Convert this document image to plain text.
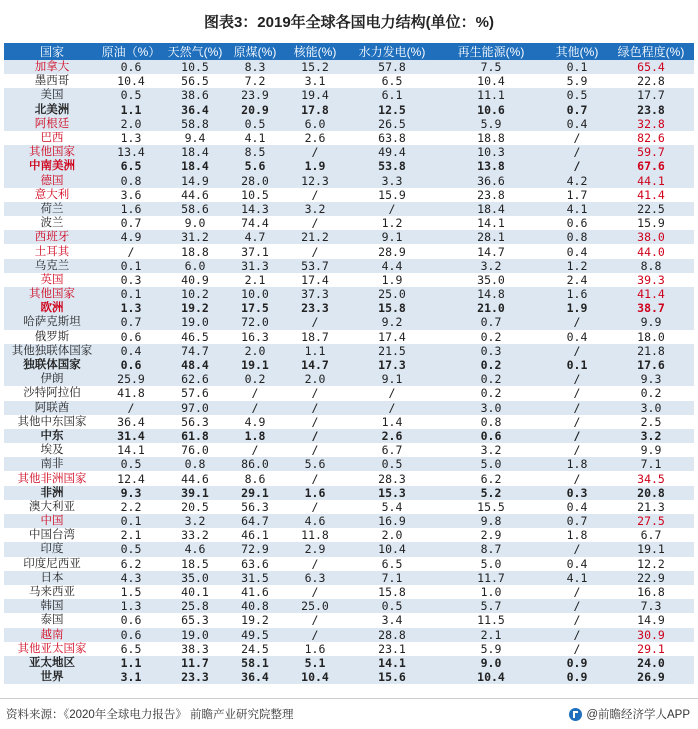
图表3：2019年全球各国电力结构(单位：%)
国家	原油（%）	天然气(%)	原煤(%)	核能(%)	水力发电(%)	再生能源(%)	其他(%)	绿色程度(%)
加拿大	0.6	10.5	8.3	15.2	57.8	7.5	0.1	65.4
墨西哥	10.4	56.5	7.2	3.1	6.5	10.4	5.9	22.8
美国	0.5	38.6	23.9	19.4	6.1	11.1	0.5	17.7
北美洲	1.1	36.4	20.9	17.8	12.5	10.6	0.7	23.8
阿根廷	2.0	58.8	0.5	6.0	26.5	5.9	0.4	32.8
巴西	1.3	9.4	4.1	2.6	63.8	18.8	/	82.6
其他国家	13.4	18.4	8.5	/	49.4	10.3	/	59.7
中南美洲	6.5	18.4	5.6	1.9	53.8	13.8	/	67.6
德国	0.8	14.9	28.0	12.3	3.3	36.6	4.2	44.1
意大利	3.6	44.6	10.5	/	15.9	23.8	1.7	41.4
荷兰	1.6	58.6	14.3	3.2	/	18.4	4.1	22.5
波兰	0.7	9.0	74.4	/	1.2	14.1	0.6	15.9
西班牙	4.9	31.2	4.7	21.2	9.1	28.1	0.8	38.0
土耳其	/	18.8	37.1	/	28.9	14.7	0.4	44.0
乌克兰	0.1	6.0	31.3	53.7	4.4	3.2	1.2	8.8
英国	0.3	40.9	2.1	17.4	1.9	35.0	2.4	39.3
其他国家	0.1	10.2	10.0	37.3	25.0	14.8	1.6	41.4
欧洲	1.3	19.2	17.5	23.3	15.8	21.0	1.9	38.7
哈萨克斯坦	0.7	19.0	72.0	/	9.2	0.7	/	9.9
俄罗斯	0.6	46.5	16.3	18.7	17.4	0.2	0.4	18.0
其他独联体国家	0.4	74.7	2.0	1.1	21.5	0.3	/	21.8
独联体国家	0.6	48.4	19.1	14.7	17.3	0.2	0.1	17.6
伊朗	25.9	62.6	0.2	2.0	9.1	0.2	/	9.3
沙特阿拉伯	41.8	57.6	/	/	/	0.2	/	0.2
阿联酋	/	97.0	/	/	/	3.0	/	3.0
其他中东国家	36.4	56.3	4.9	/	1.4	0.8	/	2.5
中东	31.4	61.8	1.8	/	2.6	0.6	/	3.2
埃及	14.1	76.0	/	/	6.7	3.2	/	9.9
南非	0.5	0.8	86.0	5.6	0.5	5.0	1.8	7.1
其他非洲国家	12.4	44.6	8.6	/	28.3	6.2	/	34.5
非洲	9.3	39.1	29.1	1.6	15.3	5.2	0.3	20.8
澳大利亚	2.2	20.5	56.3	/	5.4	15.5	0.4	21.3
中国	0.1	3.2	64.7	4.6	16.9	9.8	0.7	27.5
中国台湾	2.1	33.2	46.1	11.8	2.0	2.9	1.8	6.7
印度	0.5	4.6	72.9	2.9	10.4	8.7	/	19.1
印度尼西亚	6.2	18.5	63.6	/	6.5	5.0	0.4	12.2
日本	4.3	35.0	31.5	6.3	7.1	11.7	4.1	22.9
马来西亚	1.5	40.1	41.6	/	15.8	1.0	/	16.8
韩国	1.3	25.8	40.8	25.0	0.5	5.7	/	7.3
泰国	0.6	65.3	19.2	/	3.4	11.5	/	14.9
越南	0.6	19.0	49.5	/	28.8	2.1	/	30.9
其他亚太国家	6.5	38.3	24.5	1.6	23.1	5.9	/	29.1
亚太地区	1.1	11.7	58.1	5.1	14.1	9.0	0.9	24.0
世界	3.1	23.3	36.4	10.4	15.6	10.4	0.9	26.9
资料来源：《2020年全球电力报告》 前瞻产业研究院整理	@前瞻经济学人APP
